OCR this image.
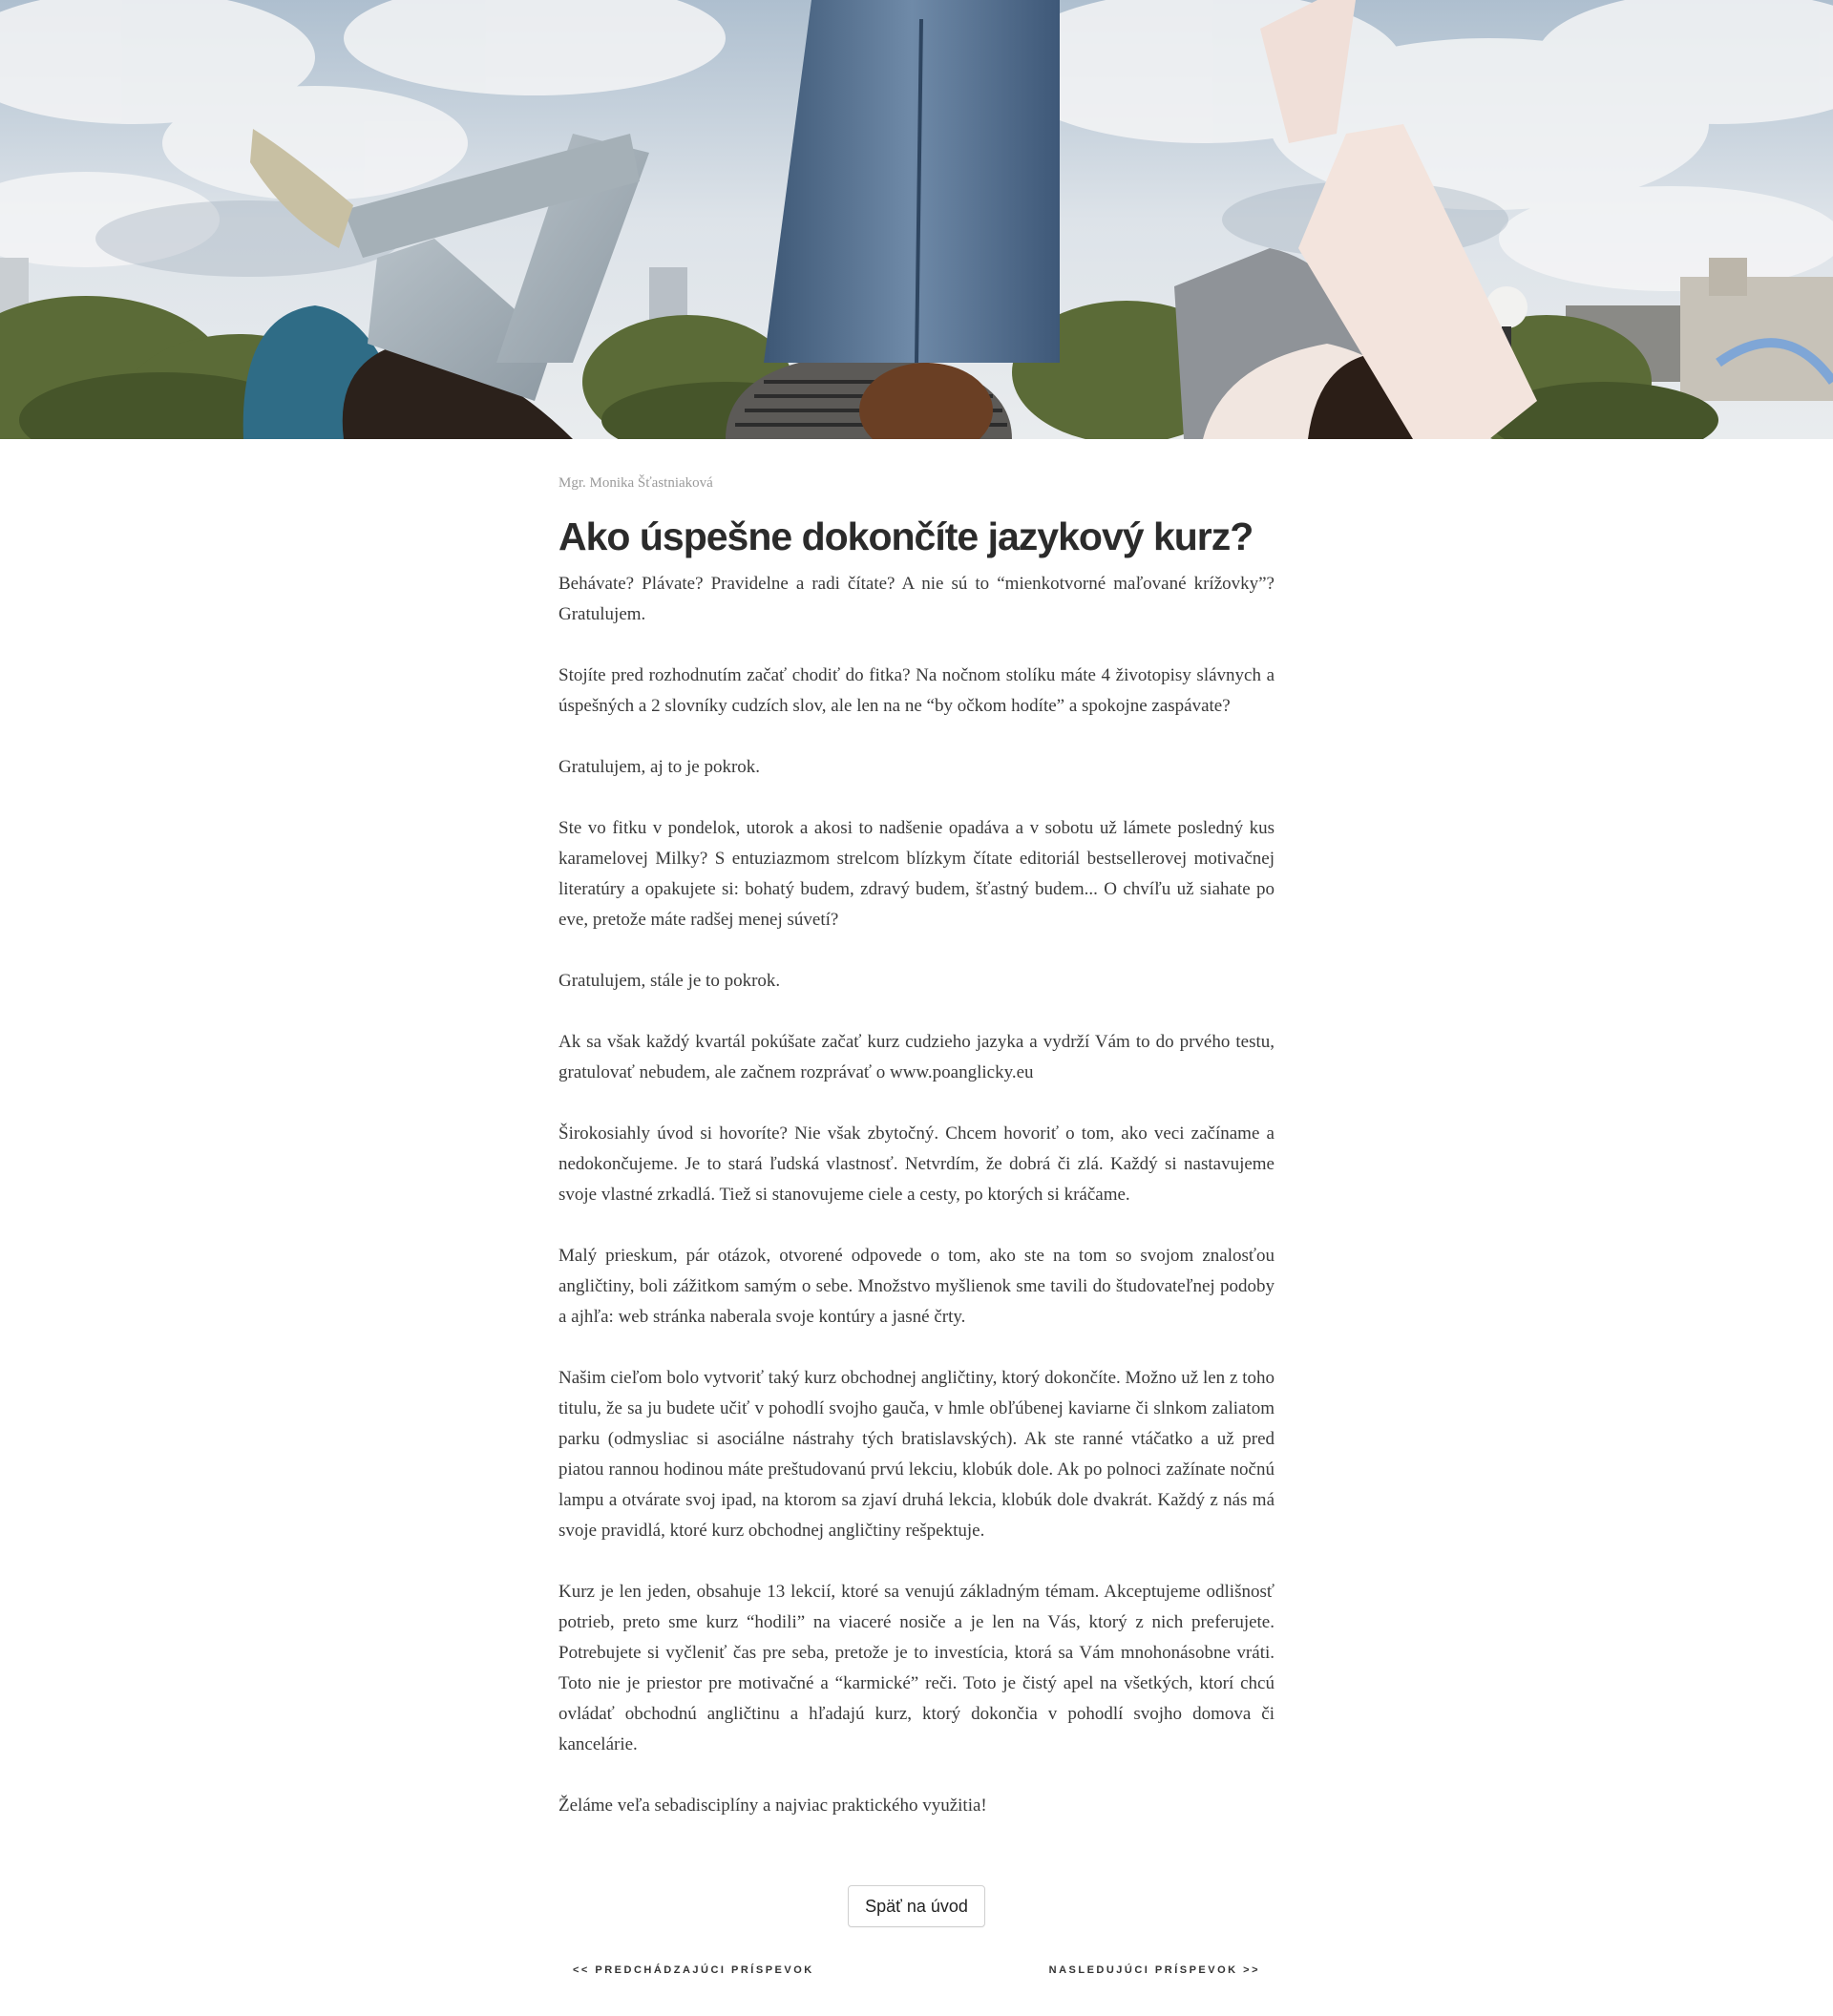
Mgr. Monika Šťastniaková
Ako úspešne dokončíte jazykový kurz?

Behávate? Plávate? Pravidelne a radi čítate? A nie sú to “mienkotvorné maľované krížovky”? Gratulujem.

Stojíte pred rozhodnutím začať chodiť do fitka? Na nočnom stolíku máte 4 životopisy slávnych a úspešných a 2 slovníky cudzích slov, ale len na ne “by očkom hodíte” a spokojne zaspávate?

Gratulujem, aj to je pokrok.

Ste vo fitku v pondelok, utorok a akosi to nadšenie opadáva a v sobotu už lámete posledný kus karamelovej Milky? S entuziazmom strelcom blízkym čítate editoriál bestsellerovej motivačnej literatúry a opakujete si: bohatý budem, zdravý budem, šťastný budem... O chvíľu už siahate po eve, pretože máte radšej menej súvetí?

Gratulujem, stále je to pokrok.

Ak sa však každý kvartál pokúšate začať kurz cudzieho jazyka a vydrží Vám to do prvého testu, gratulovať nebudem, ale začnem rozprávať o www.poanglicky.eu

Širokosiahly úvod si hovoríte? Nie však zbytočný. Chcem hovoriť o tom, ako veci začíname a nedokončujeme. Je to stará ľudská vlastnosť. Netvrdím, že dobrá či zlá. Každý si nastavujeme svoje vlastné zrkadlá. Tiež si stanovujeme ciele a cesty, po ktorých si kráčame.

Malý prieskum, pár otázok, otvorené odpovede o tom, ako ste na tom so svojom znalosťou angličtiny, boli zážitkom samým o sebe. Množstvo myšlienok sme tavili do študovateľnej podoby a ajhľa: web stránka naberala svoje kontúry a jasné črty.

Našim cieľom bolo vytvoriť taký kurz obchodnej angličtiny, ktorý dokončíte. Možno už len z toho titulu, že sa ju budete učiť v pohodlí svojho gauča, v hmle obľúbenej kaviarne či slnkom zaliatom parku (odmysliac si asociálne nástrahy tých bratislavských). Ak ste ranné vtáčatko a už pred piatou rannou hodinou máte preštudovanú prvú lekciu, klobúk dole. Ak po polnoci zažínate nočnú lampu a otvárate svoj ipad, na ktorom sa zjaví druhá lekcia, klobúk dole dvakrát. Každý z nás má svoje pravidlá, ktoré kurz obchodnej angličtiny rešpektuje.

Kurz je len jeden, obsahuje 13 lekcií, ktoré sa venujú základným témam. Akceptujeme odlišnosť potrieb, preto sme kurz “hodili” na viaceré nosiče a je len na Vás, ktorý z nich preferujete. Potrebujete si vyčleniť čas pre seba, pretože je to investícia, ktorá sa Vám mnohonásobne vráti. Toto nie je priestor pre motivačné a “karmické” reči. Toto je čistý apel na všetkých, ktorí chcú ovládať obchodnú angličtinu a hľadajú kurz, ktorý dokončia v pohodlí svojho domova či kancelárie.

Želáme veľa sebadisciplíny a najviac praktického využitia!

Späť na úvod
<< PREDCHÁDZAJÚCI PRÍSPEVOK	NASLEDUJÚCI PRÍSPEVOK >>
